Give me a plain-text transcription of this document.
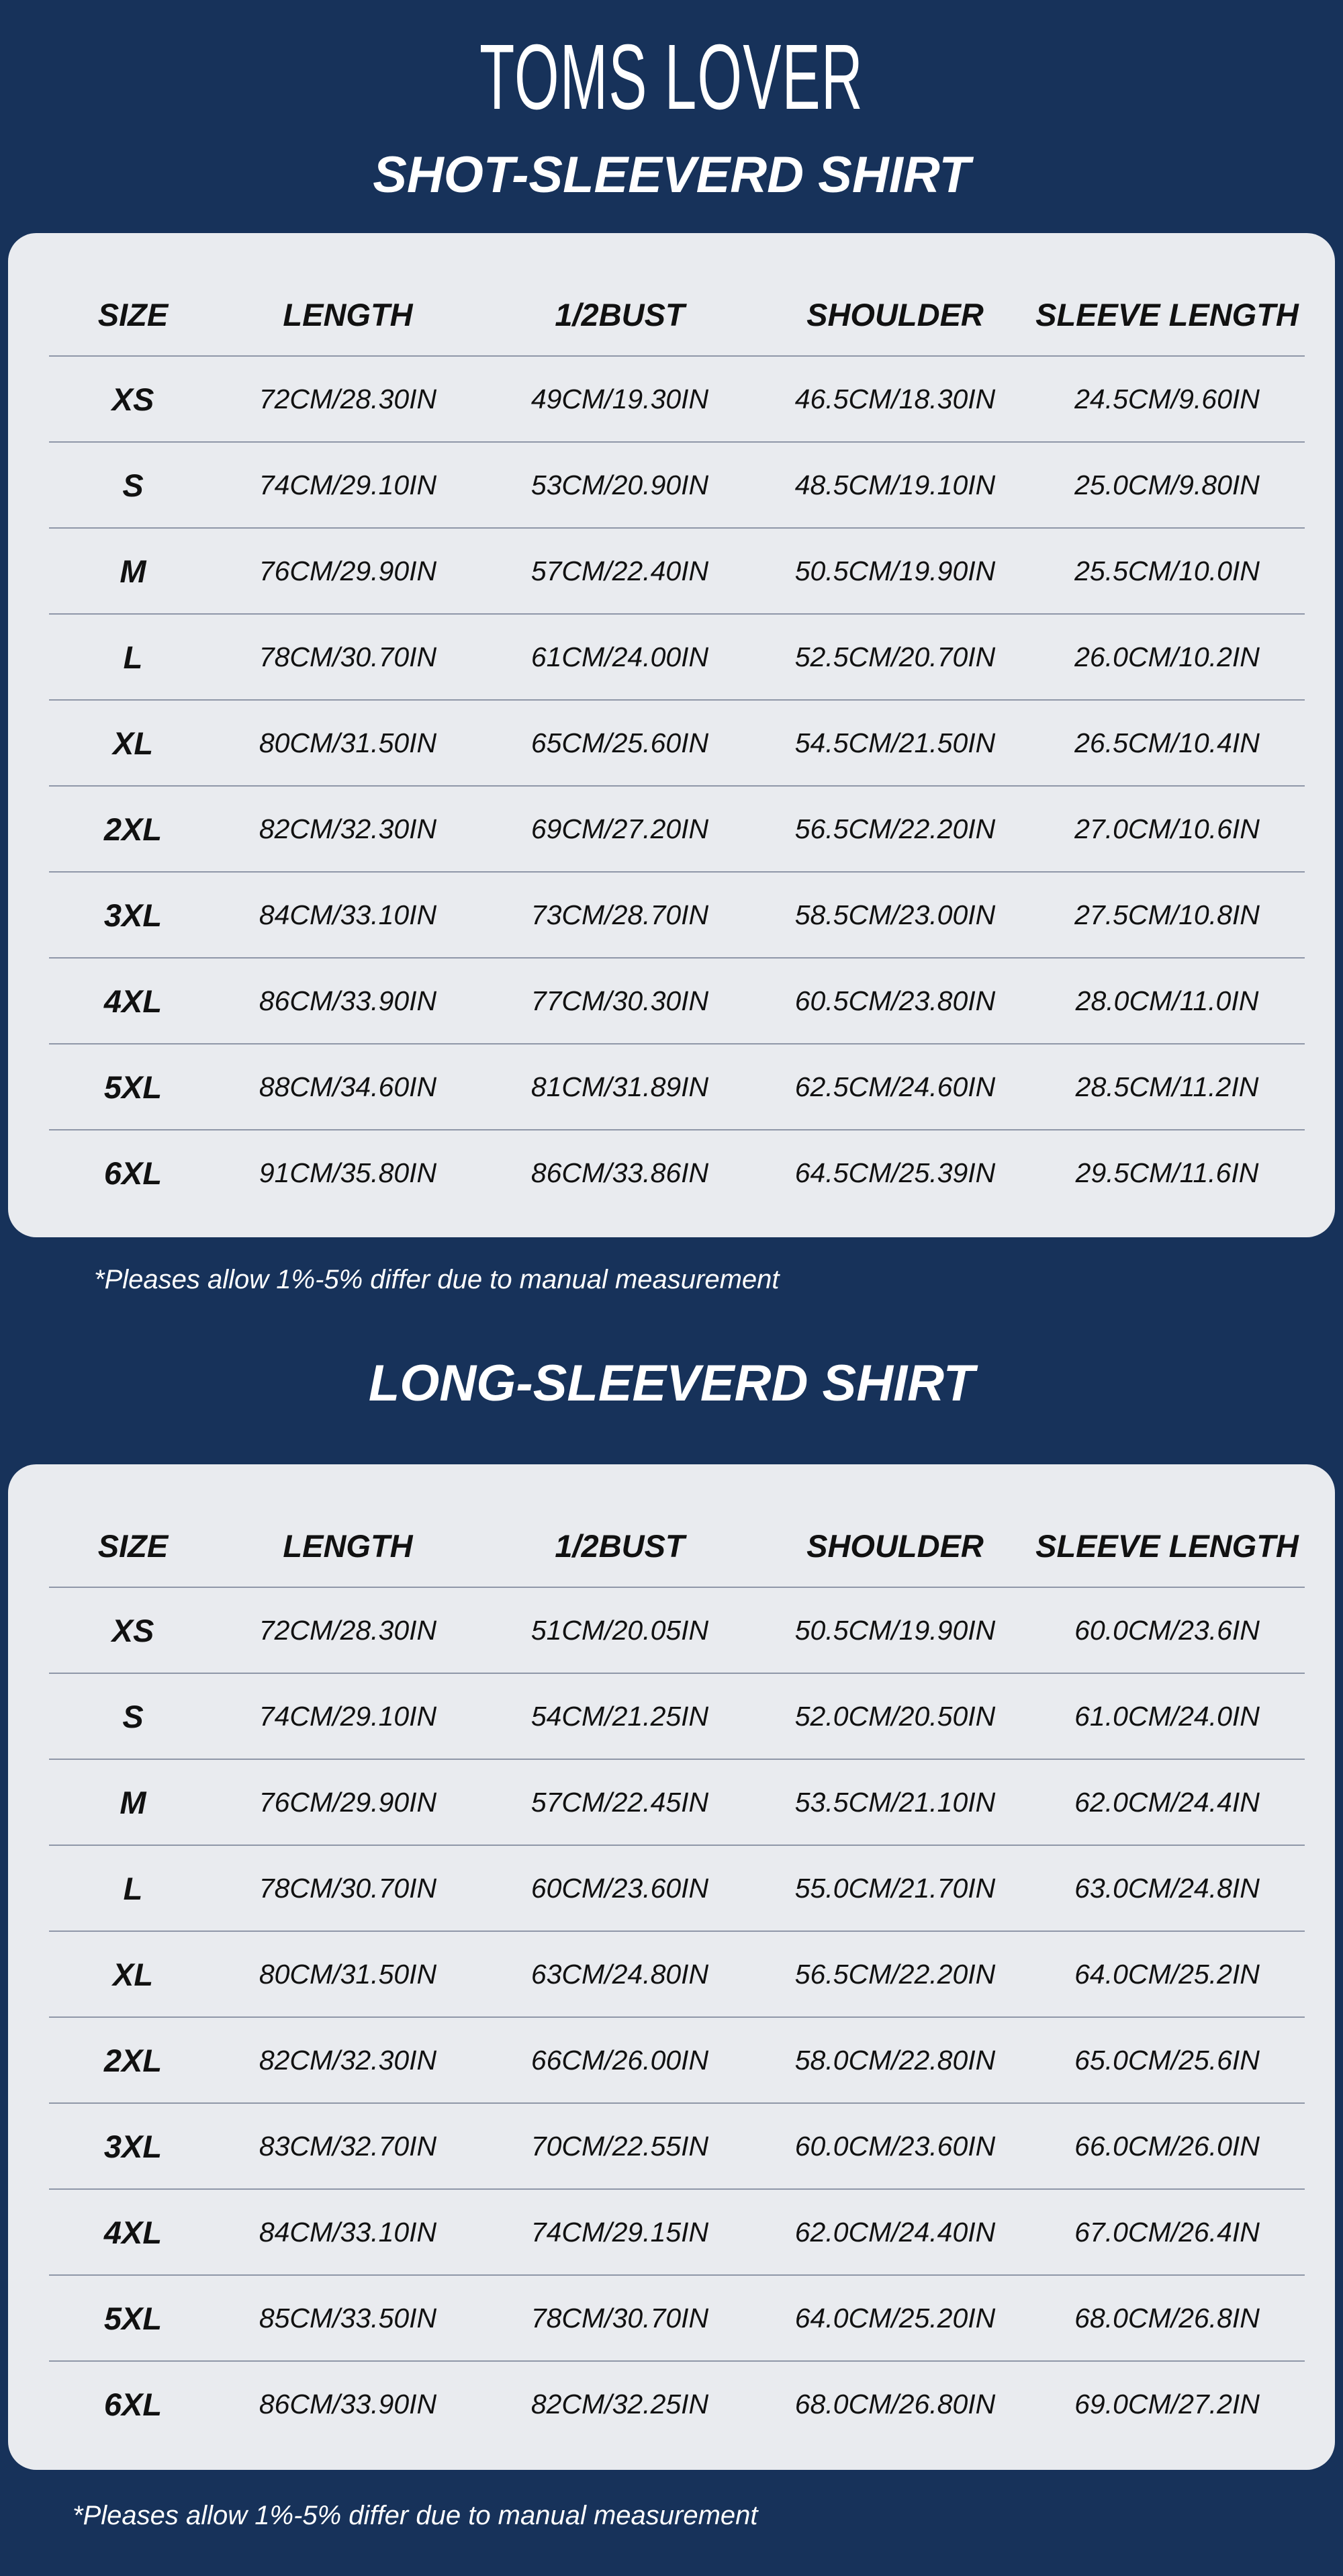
TOMS LOVER
SHOT-SLEEVERD SHIRT
SIZE	LENGTH	1/2BUST	SHOULDER	SLEEVE LENGTH
XS	72CM/28.30IN	49CM/19.30IN	46.5CM/18.30IN	24.5CM/9.60IN
S	74CM/29.10IN	53CM/20.90IN	48.5CM/19.10IN	25.0CM/9.80IN
M	76CM/29.90IN	57CM/22.40IN	50.5CM/19.90IN	25.5CM/10.0IN
L	78CM/30.70IN	61CM/24.00IN	52.5CM/20.70IN	26.0CM/10.2IN
XL	80CM/31.50IN	65CM/25.60IN	54.5CM/21.50IN	26.5CM/10.4IN
2XL	82CM/32.30IN	69CM/27.20IN	56.5CM/22.20IN	27.0CM/10.6IN
3XL	84CM/33.10IN	73CM/28.70IN	58.5CM/23.00IN	27.5CM/10.8IN
4XL	86CM/33.90IN	77CM/30.30IN	60.5CM/23.80IN	28.0CM/11.0IN
5XL	88CM/34.60IN	81CM/31.89IN	62.5CM/24.60IN	28.5CM/11.2IN
6XL	91CM/35.80IN	86CM/33.86IN	64.5CM/25.39IN	29.5CM/11.6IN
*Pleases allow 1%-5% differ due to manual measurement
LONG-SLEEVERD SHIRT
SIZE	LENGTH	1/2BUST	SHOULDER	SLEEVE LENGTH
XS	72CM/28.30IN	51CM/20.05IN	50.5CM/19.90IN	60.0CM/23.6IN
S	74CM/29.10IN	54CM/21.25IN	52.0CM/20.50IN	61.0CM/24.0IN
M	76CM/29.90IN	57CM/22.45IN	53.5CM/21.10IN	62.0CM/24.4IN
L	78CM/30.70IN	60CM/23.60IN	55.0CM/21.70IN	63.0CM/24.8IN
XL	80CM/31.50IN	63CM/24.80IN	56.5CM/22.20IN	64.0CM/25.2IN
2XL	82CM/32.30IN	66CM/26.00IN	58.0CM/22.80IN	65.0CM/25.6IN
3XL	83CM/32.70IN	70CM/22.55IN	60.0CM/23.60IN	66.0CM/26.0IN
4XL	84CM/33.10IN	74CM/29.15IN	62.0CM/24.40IN	67.0CM/26.4IN
5XL	85CM/33.50IN	78CM/30.70IN	64.0CM/25.20IN	68.0CM/26.8IN
6XL	86CM/33.90IN	82CM/32.25IN	68.0CM/26.80IN	69.0CM/27.2IN
*Pleases allow 1%-5% differ due to manual measurement
